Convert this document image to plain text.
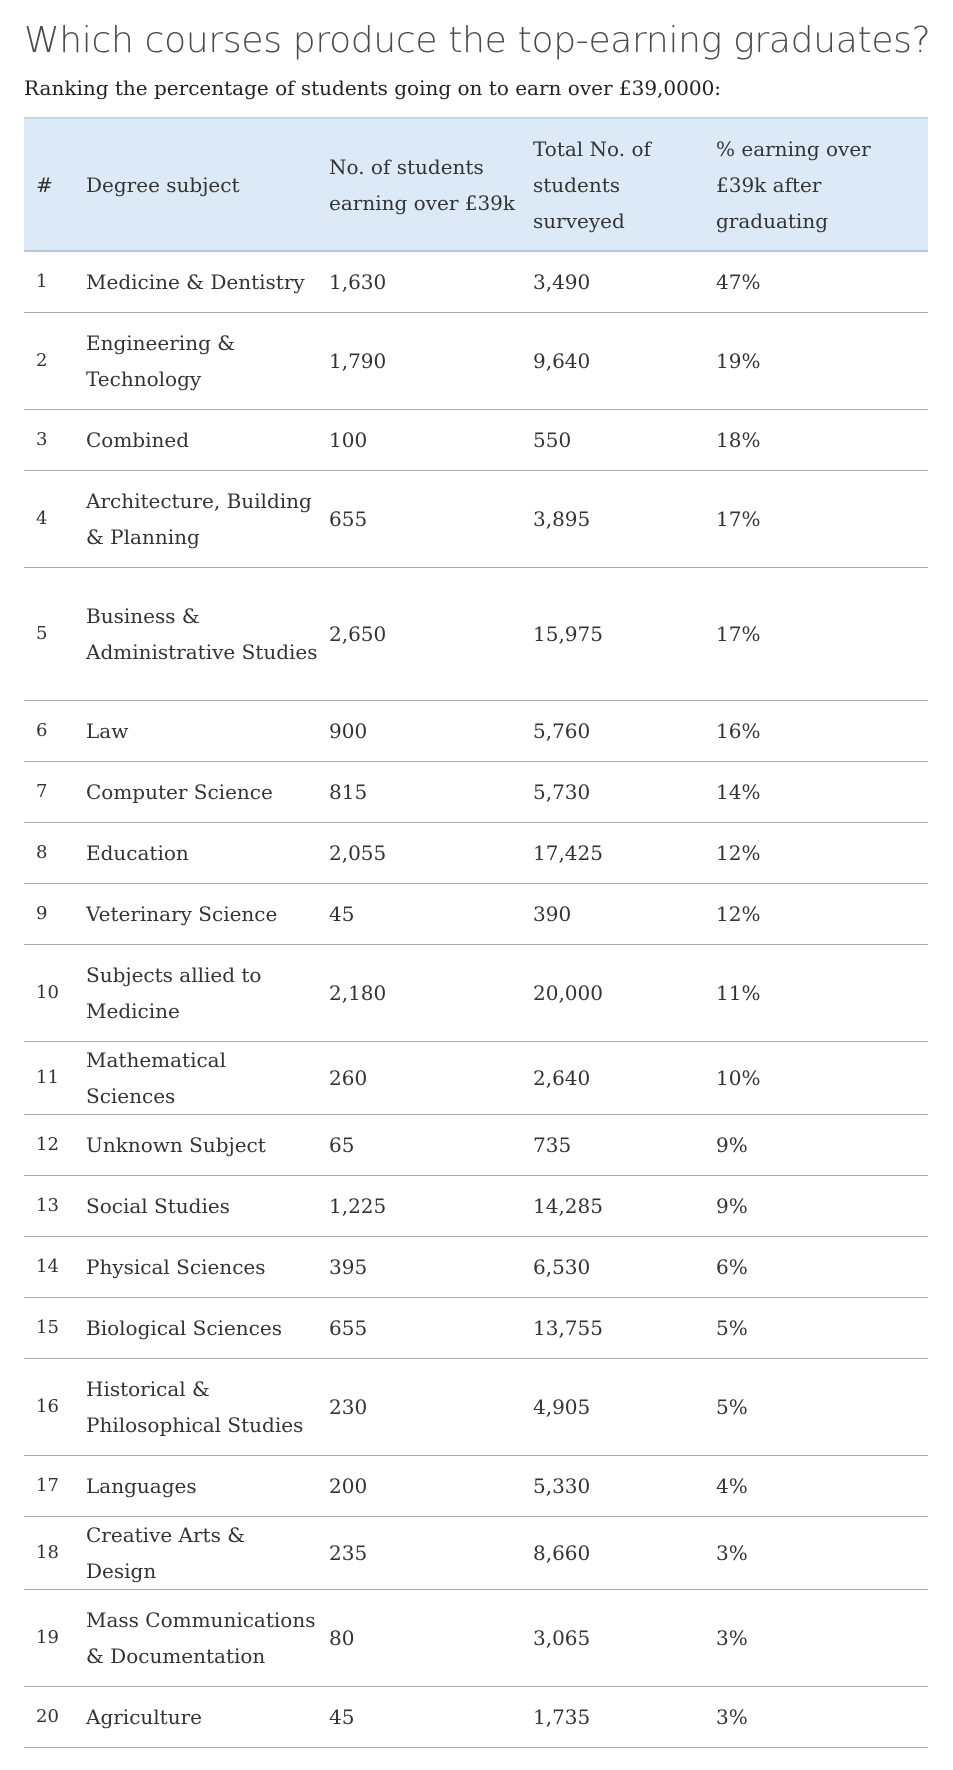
Which courses produce the top-earning graduates?

Ranking the percentage of students going on to earn over £39,0000:

#	Degree subject	No. of students earning over £39k	Total No. of students surveyed	% earning over £39k after graduating
1	Medicine & Dentistry	1,630	3,490	47%
2	Engineering & Technology	1,790	9,640	19%
3	Combined	100	550	18%
4	Architecture, Building & Planning	655	3,895	17%
5	Business & Administrative Studies	2,650	15,975	17%
6	Law	900	5,760	16%
7	Computer Science	815	5,730	14%
8	Education	2,055	17,425	12%
9	Veterinary Science	45	390	12%
10	Subjects allied to Medicine	2,180	20,000	11%
11	Mathematical Sciences	260	2,640	10%
12	Unknown Subject	65	735	9%
13	Social Studies	1,225	14,285	9%
14	Physical Sciences	395	6,530	6%
15	Biological Sciences	655	13,755	5%
16	Historical & Philosophical Studies	230	4,905	5%
17	Languages	200	5,330	4%
18	Creative Arts & Design	235	8,660	3%
19	Mass Communications & Documentation	80	3,065	3%
20	Agriculture	45	1,735	3%
